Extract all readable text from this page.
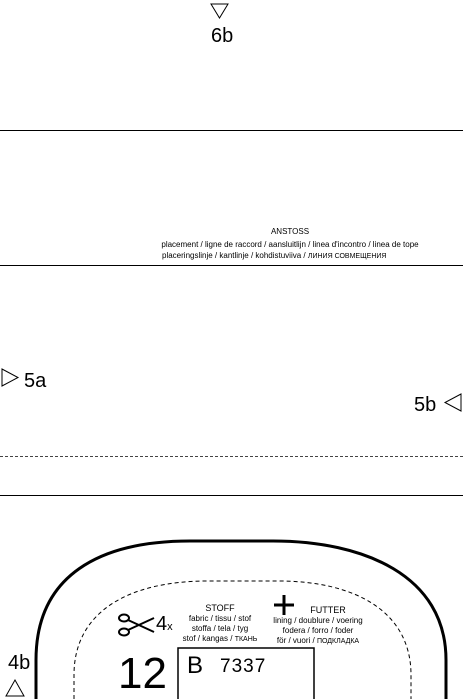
6b
5a
5b
4b
ANSTOSS
placement / ligne de raccord / aansluitlijn / linea d'incontro / linea de tope
placeringslinje / kantlinje / kohdistuviiva / ЛИНИЯ СОВМЕЩЕНИЯ
4x
STOFF
fabric / tissu / stof
stoffa / tela / tyg
stof / kangas / ТКАНЬ
FUTTER
lining / doublure / voering
fodera / forro / foder
för / vuori / ПОДКЛАДКА
12 B 7337
